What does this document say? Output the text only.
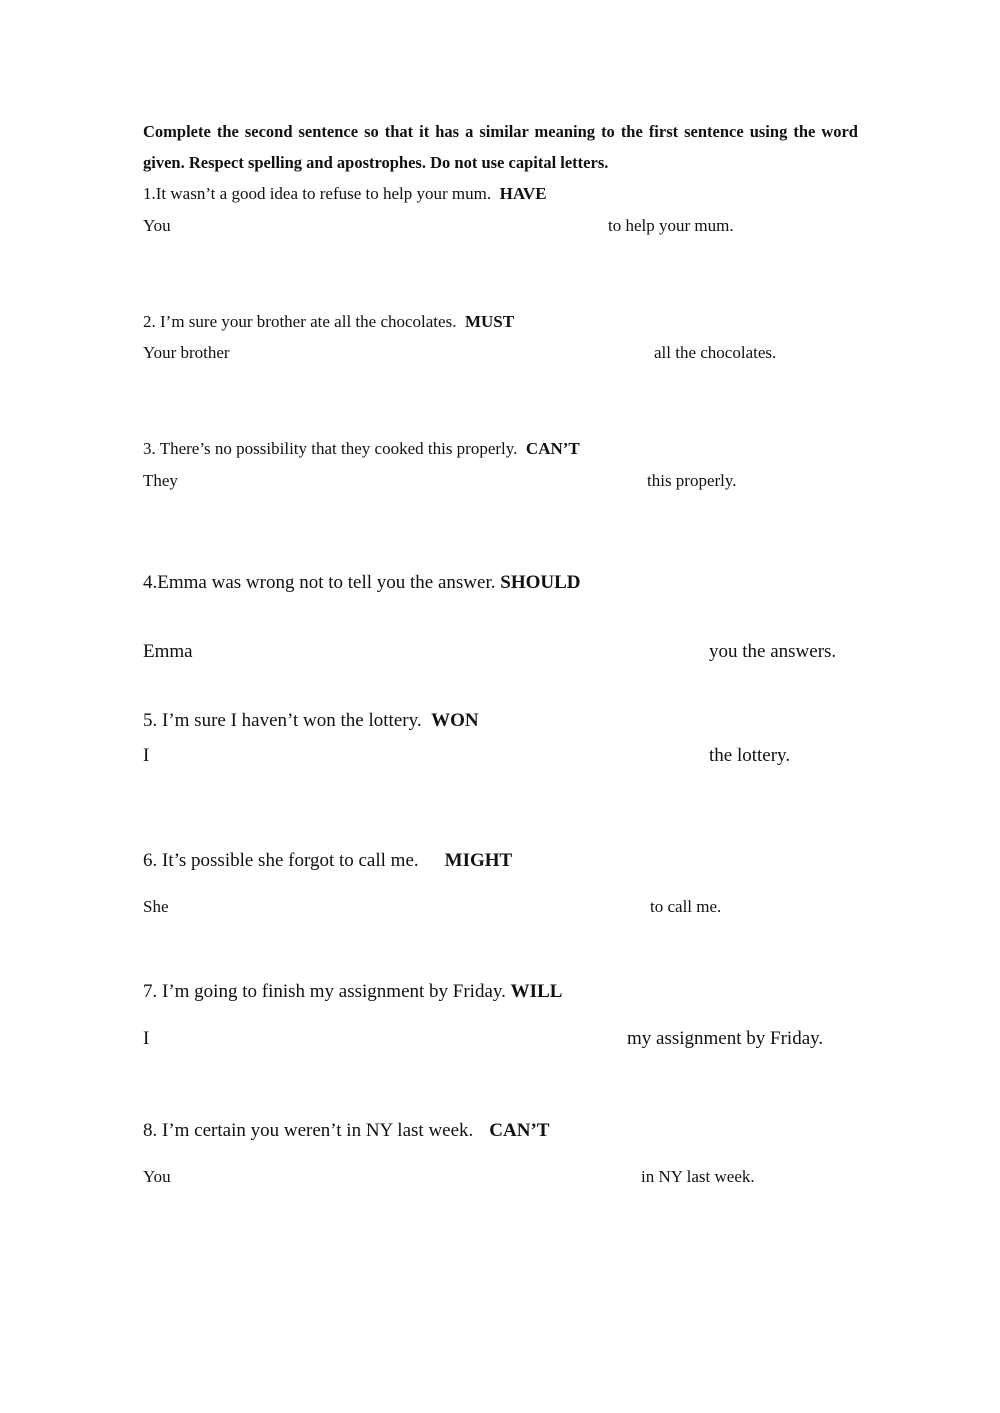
Complete the second sentence so that it has a similar meaning to the first sentence using the word given. Respect spelling and apostrophes. Do not use capital letters.
1.It wasn’t a good idea to refuse to help your mum. HAVE
You	to help your mum.
2. I’m sure your brother ate all the chocolates. MUST
Your brother	all the chocolates.
3. There’s no possibility that they cooked this properly. CAN’T
They	this properly.
4.Emma was wrong not to tell you the answer. SHOULD
Emma	you the answers.
5. I’m sure I haven’t won the lottery. WON
I	the lottery.
6. It’s possible she forgot to call me. MIGHT
She	to call me.
7. I’m going to finish my assignment by Friday. WILL
I	my assignment by Friday.
8. I’m certain you weren’t in NY last week. CAN’T
You	in NY last week.
